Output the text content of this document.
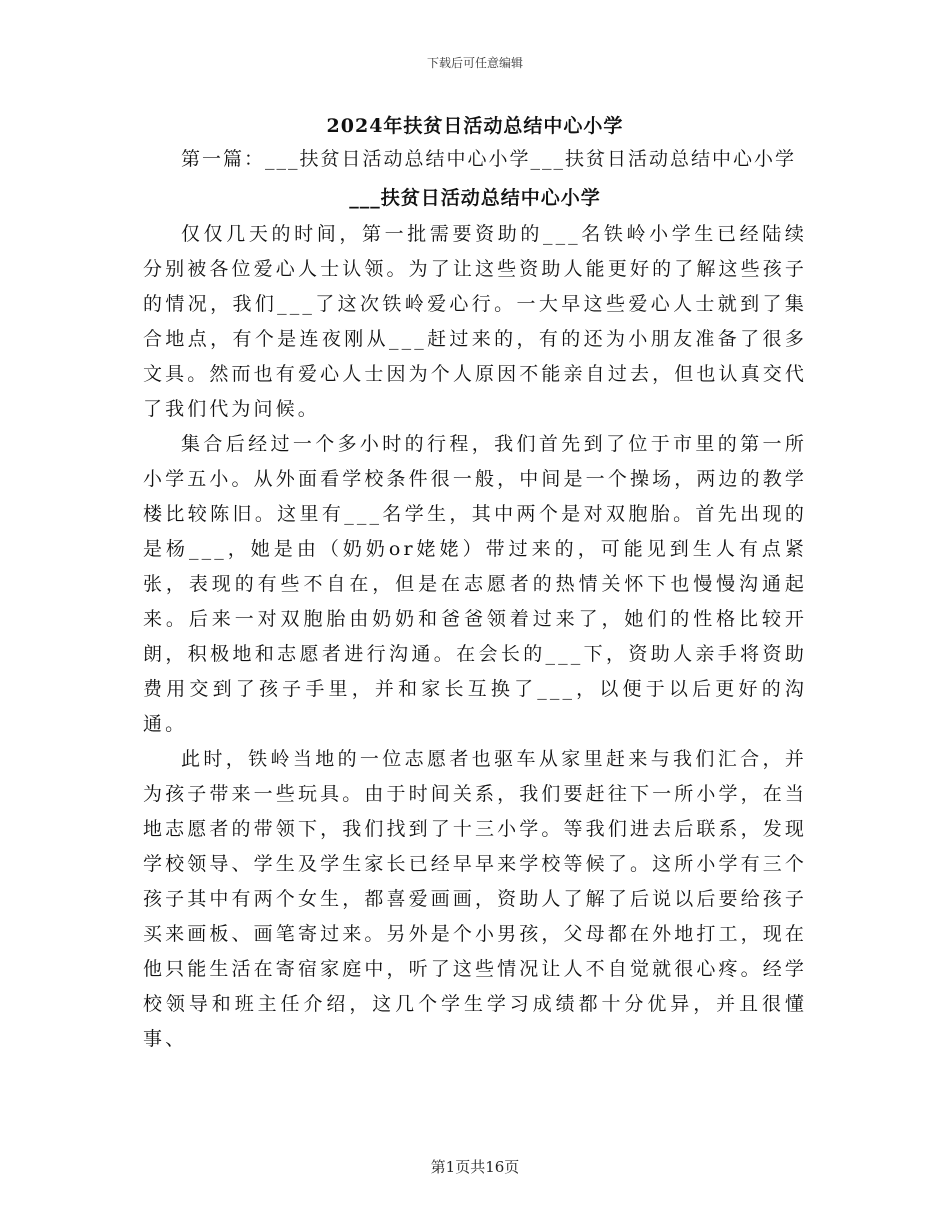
下载后可任意编辑
2024年扶贫日活动总结中心小学

第一篇：___扶贫日活动总结中心小学___扶贫日活动总结中心小学

___扶贫日活动总结中心小学

仅仅几天的时间，第一批需要资助的___名铁岭小学生已经陆续分别被各位爱心人士认领。为了让这些资助人能更好的了解这些孩子的情况，我们___了这次铁岭爱心行。一大早这些爱心人士就到了集合地点，有个是连夜刚从___赶过来的，有的还为小朋友准备了很多文具。然而也有爱心人士因为个人原因不能亲自过去，但也认真交代了我们代为问候。

集合后经过一个多小时的行程，我们首先到了位于市里的第一所小学五小。从外面看学校条件很一般，中间是一个操场，两边的教学楼比较陈旧。这里有___名学生，其中两个是对双胞胎。首先出现的是杨___，她是由（奶奶or姥姥）带过来的，可能见到生人有点紧张，表现的有些不自在，但是在志愿者的热情关怀下也慢慢沟通起来。后来一对双胞胎由奶奶和爸爸领着过来了，她们的性格比较开朗，积极地和志愿者进行沟通。在会长的___下，资助人亲手将资助费用交到了孩子手里，并和家长互换了___，以便于以后更好的沟通。

此时，铁岭当地的一位志愿者也驱车从家里赶来与我们汇合，并为孩子带来一些玩具。由于时间关系，我们要赶往下一所小学，在当地志愿者的带领下，我们找到了十三小学。等我们进去后联系，发现学校领导、学生及学生家长已经早早来学校等候了。这所小学有三个孩子其中有两个女生，都喜爱画画，资助人了解了后说以后要给孩子买来画板、画笔寄过来。另外是个小男孩，父母都在外地打工，现在他只能生活在寄宿家庭中，听了这些情况让人不自觉就很心疼。经学校领导和班主任介绍，这几个学生学习成绩都十分优异，并且很懂事、

第1页共16页
